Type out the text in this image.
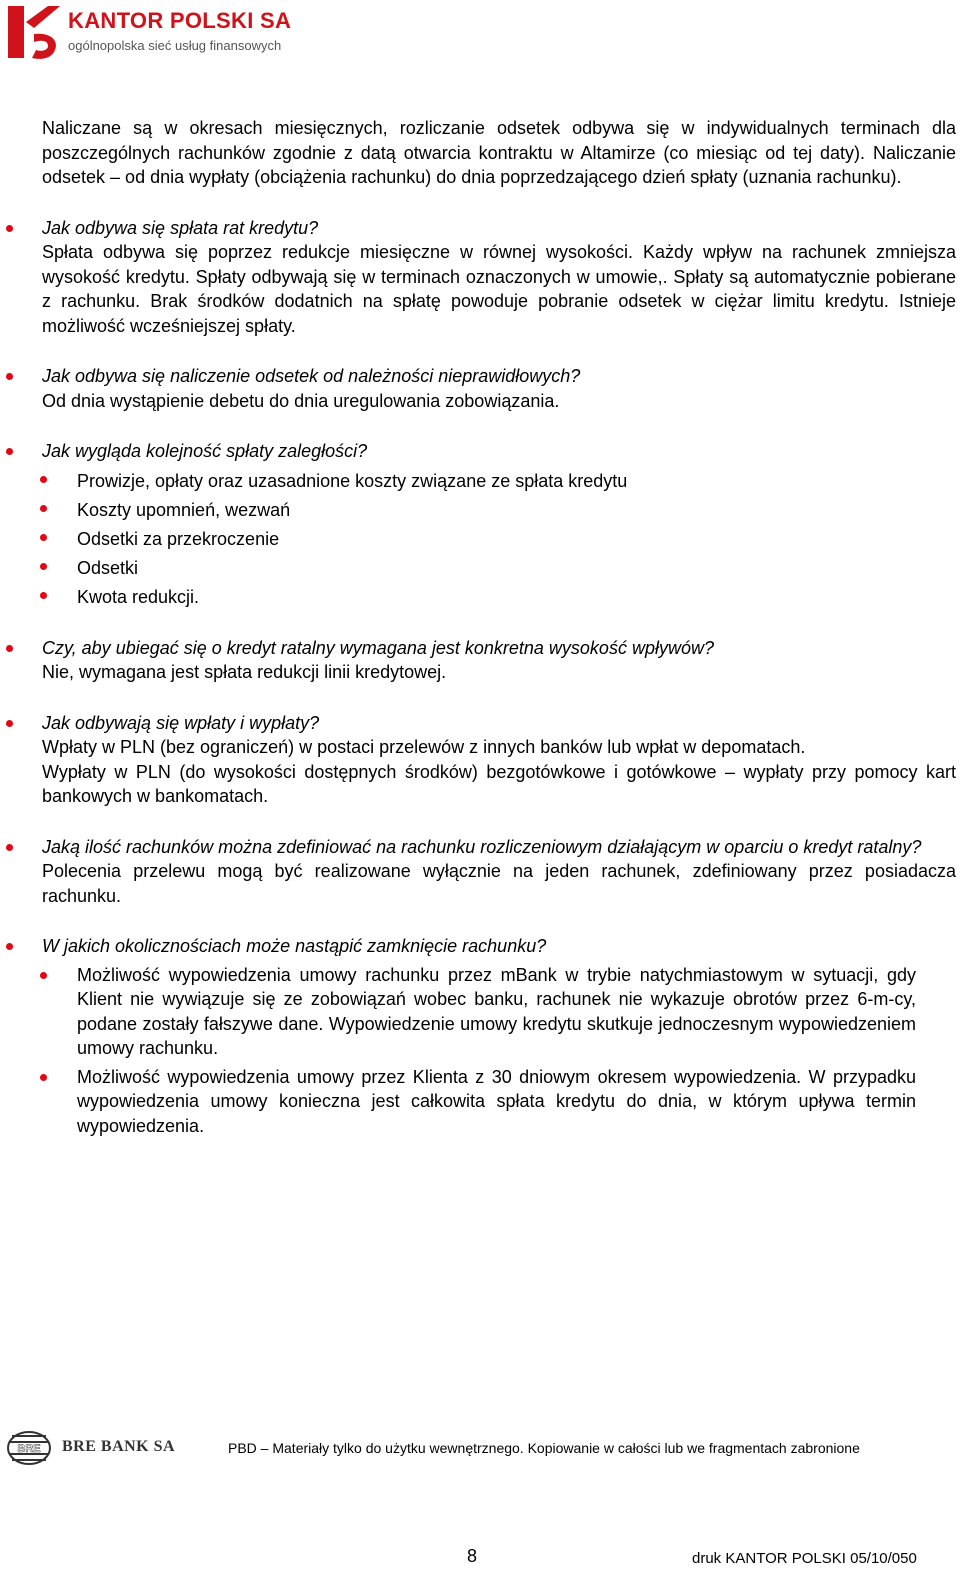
KANTOR POLSKI SA
ogólnopolska sieć usług finansowych

Naliczane są w okresach miesięcznych, rozliczanie odsetek odbywa się w indywidualnych terminach dla poszczególnych rachunków zgodnie z datą otwarcia kontraktu w Altamirze (co miesiąc od tej daty). Naliczanie odsetek – od dnia wypłaty (obciążenia rachunku) do dnia poprzedzającego dzień spłaty (uznania rachunku).

Jak odbywa się spłata rat kredytu?

Spłata odbywa się poprzez redukcje miesięczne w równej wysokości. Każdy wpływ na rachunek zmniejsza wysokość kredytu. Spłaty odbywają się w terminach oznaczonych w umowie,. Spłaty są automatycznie pobierane z rachunku. Brak środków dodatnich na spłatę powoduje pobranie odsetek w ciężar limitu kredytu. Istnieje możliwość wcześniejszej spłaty.

Jak odbywa się naliczenie odsetek od należności nieprawidłowych?

Od dnia wystąpienie debetu do dnia uregulowania zobowiązania.

Jak wygląda kolejność spłaty zaległości?

Prowizje, opłaty oraz uzasadnione koszty związane ze spłata kredytu

Koszty upomnień, wezwań

Odsetki za przekroczenie

Odsetki

Kwota redukcji.

Czy, aby ubiegać się o kredyt ratalny wymagana jest konkretna wysokość wpływów?

Nie, wymagana jest spłata redukcji linii kredytowej.

Jak odbywają się wpłaty i wypłaty?

Wpłaty w PLN (bez ograniczeń) w postaci przelewów z innych banków lub wpłat w depomatach.

Wypłaty w PLN (do wysokości dostępnych środków) bezgotówkowe i gotówkowe – wypłaty przy pomocy kart bankowych w bankomatach.

Jaką ilość rachunków można zdefiniować na rachunku rozliczeniowym działającym w oparciu o kredyt ratalny?

Polecenia przelewu mogą być realizowane wyłącznie na jeden rachunek, zdefiniowany przez posiadacza rachunku.

W jakich okolicznościach może nastąpić zamknięcie rachunku?

Możliwość wypowiedzenia umowy rachunku przez mBank w trybie natychmiastowym w sytuacji, gdy Klient nie wywiązuje się ze zobowiązań wobec banku, rachunek nie wykazuje obrotów przez 6-m-cy, podane zostały fałszywe dane. Wypowiedzenie umowy kredytu skutkuje jednoczesnym wypowiedzeniem umowy rachunku.

Możliwość wypowiedzenia umowy przez Klienta z 30 dniowym okresem wypowiedzenia. W przypadku wypowiedzenia umowy konieczna jest całkowita spłata kredytu do dnia, w którym upływa termin wypowiedzenia.

BRE BRE BANK SA	PBD – Materiały tylko do użytku wewnętrznego. Kopiowanie w całości lub we fragmentach zabronione
8	druk KANTOR POLSKI 05/10/050
